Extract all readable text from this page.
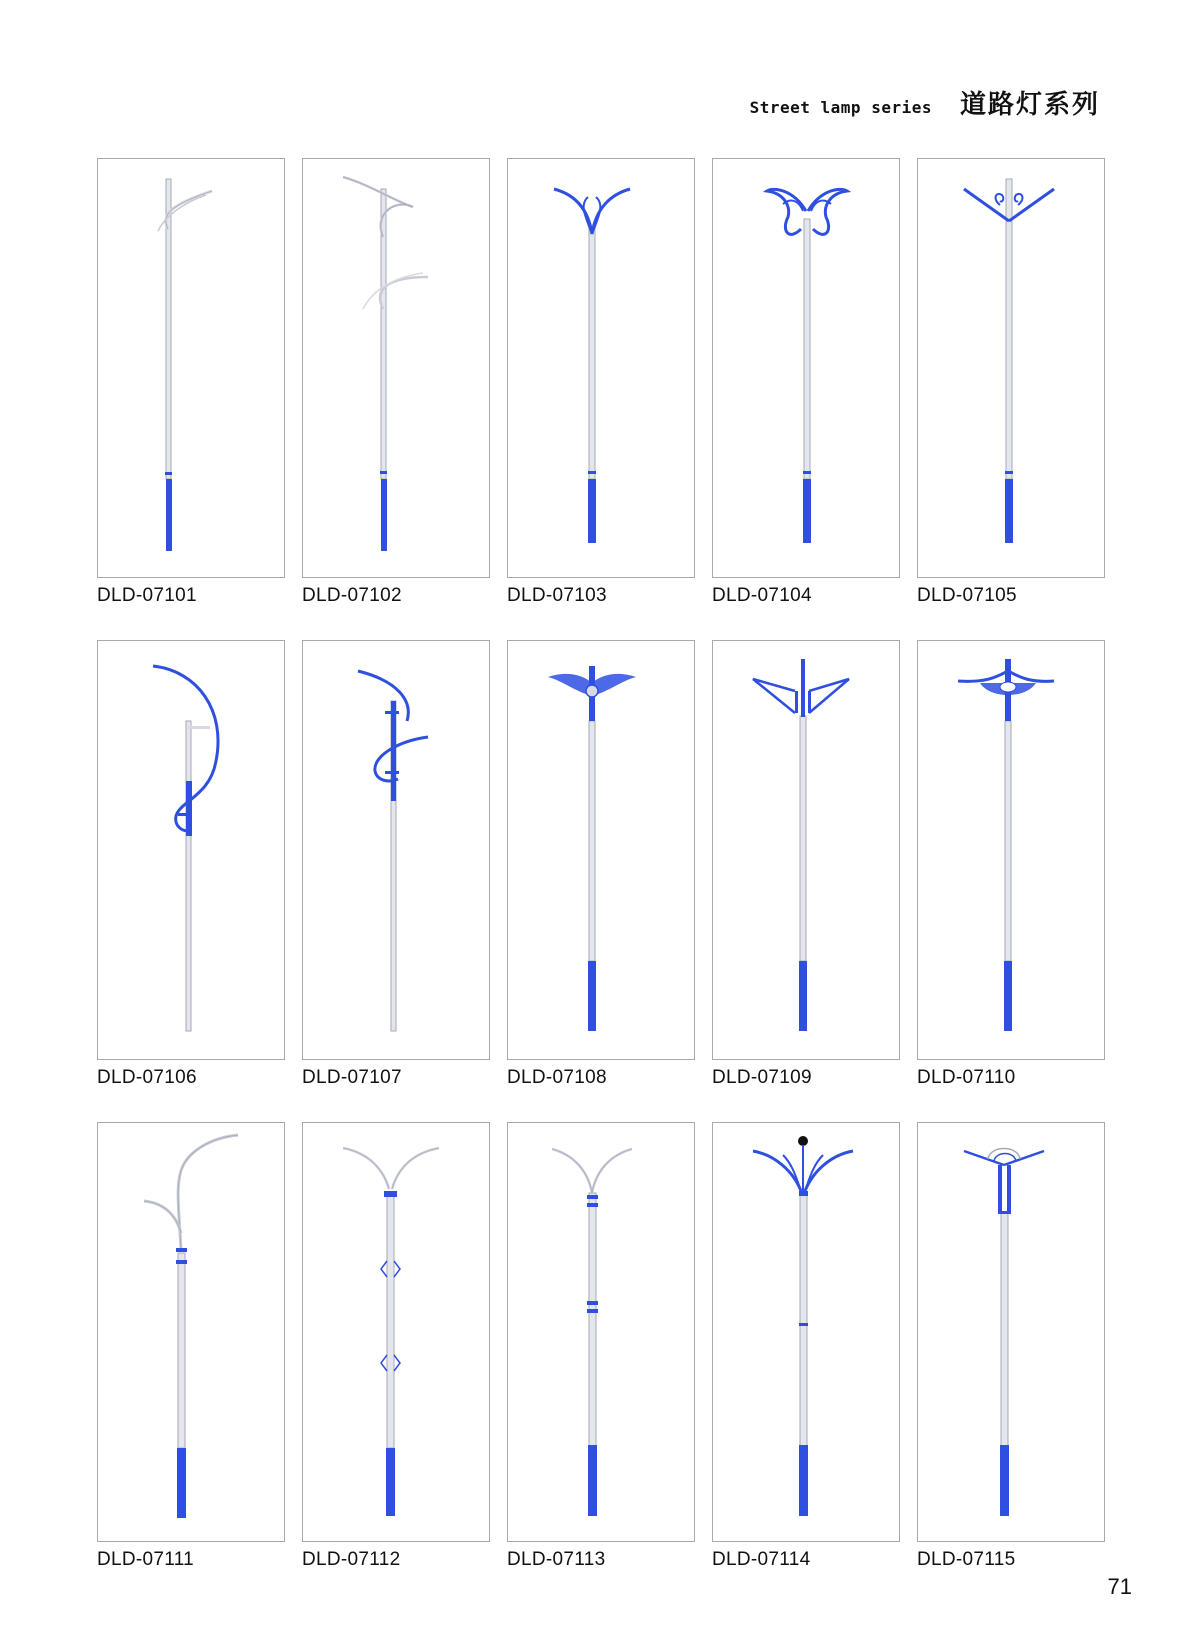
Street lamp series 道路灯系列
DLD-07101	DLD-07102	DLD-07103	DLD-07104	DLD-07105
DLD-07106	DLD-07107	DLD-07108	DLD-07109	DLD-07110
DLD-07111	DLD-07112	DLD-07113	DLD-07114	DLD-07115
71
